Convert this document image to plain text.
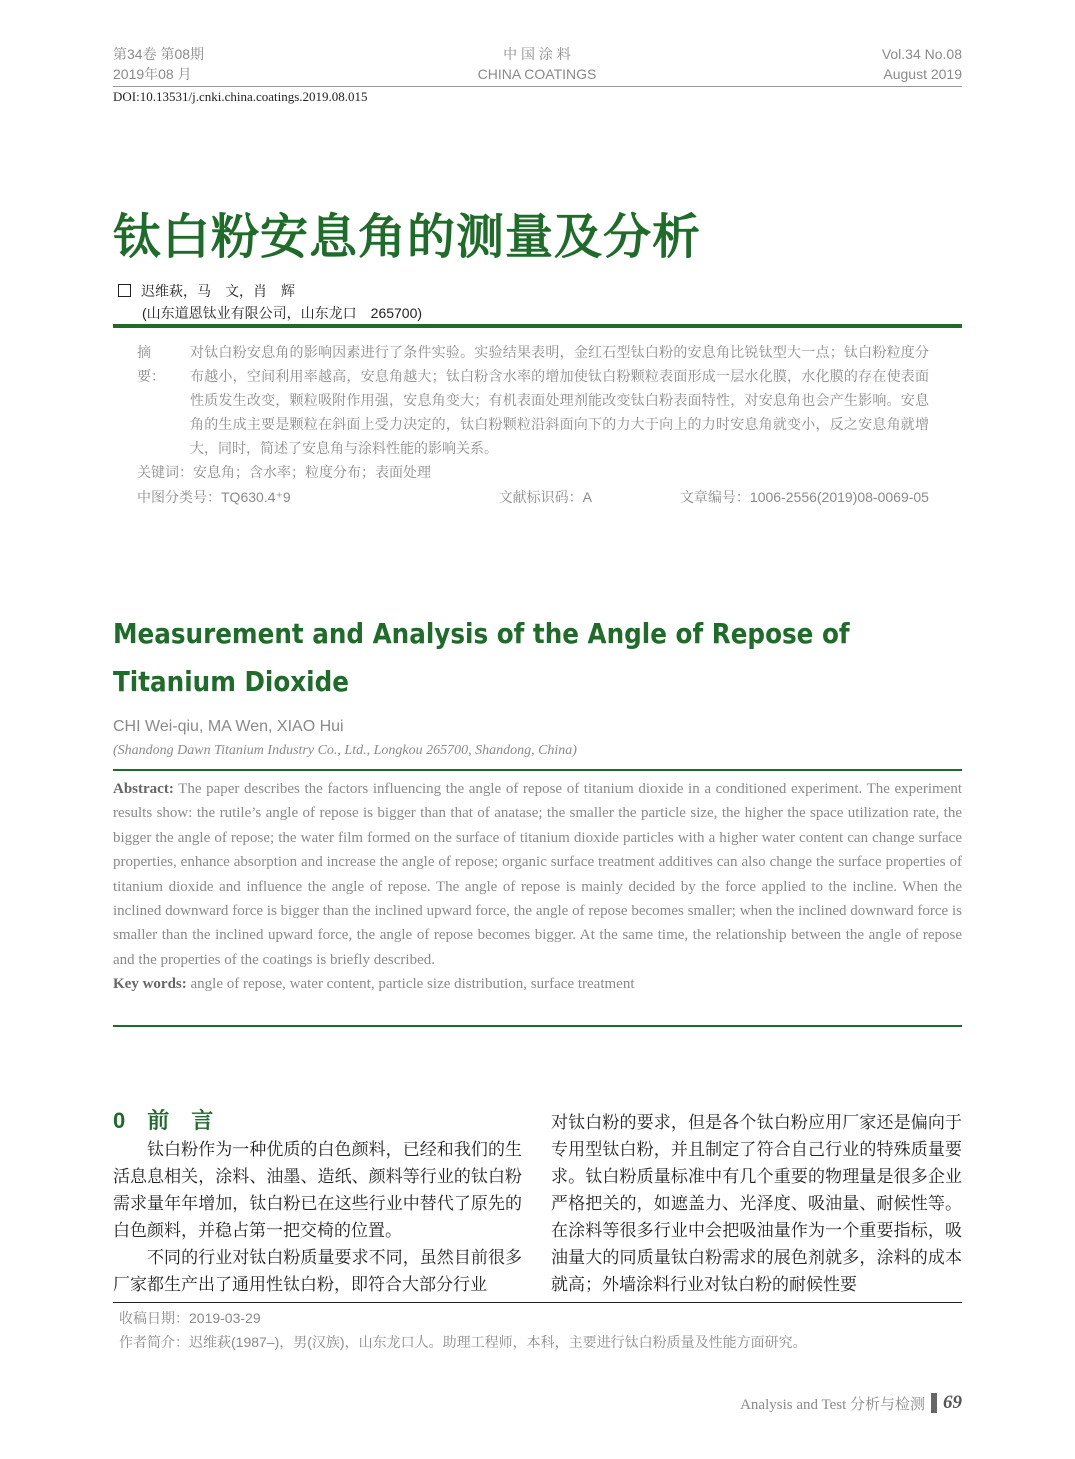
第34卷 第08期
2019年08 月
中 国 涂 料
CHINA COATINGS
Vol.34 No.08
August 2019
DOI:10.13531/j.cnki.china.coatings.2019.08.015
钛白粉安息角的测量及分析
迟维萩，马　文，肖　辉
(山东道恩钛业有限公司，山东龙口　265700)
摘　要：
对钛白粉安息角的影响因素进行了条件实验。实验结果表明，金红石型钛白粉的安息角比锐钛型大一点；钛白粉粒度分布越小，空间利用率越高，安息角越大；钛白粉含水率的增加使钛白粉颗粒表面形成一层水化膜，水化膜的存在使表面性质发生改变，颗粒吸附作用强，安息角变大；有机表面处理剂能改变钛白粉表面特性，对安息角也会产生影响。安息角的生成主要是颗粒在斜面上受力决定的，钛白粉颗粒沿斜面向下的力大于向上的力时安息角就变小，反之安息角就增大，同时，简述了安息角与涂料性能的影响关系。
关键词：安息角；含水率；粒度分布；表面处理
中图分类号：TQ630.4⁺9	文献标识码：A	文章编号：1006-2556(2019)08-0069-05
Measurement and Analysis of the Angle of Repose of
Titanium Dioxide
CHI Wei-qiu, MA Wen, XIAO Hui
(Shandong Dawn Titanium Industry Co., Ltd., Longkou 265700, Shandong, China)
Abstract: The paper describes the factors influencing the angle of repose of titanium dioxide in a conditioned experiment. The experiment results show: the rutile’s angle of repose is bigger than that of anatase; the smaller the particle size, the higher the space utilization rate, the bigger the angle of repose; the water film formed on the surface of titanium dioxide particles with a higher water content can change surface properties, enhance absorption and increase the angle of repose; organic surface treatment additives can also change the surface properties of titanium dioxide and influence the angle of repose. The angle of repose is mainly decided by the force applied to the incline. When the inclined downward force is bigger than the inclined upward force, the angle of repose becomes smaller; when the inclined downward force is smaller than the inclined upward force, the angle of repose becomes bigger. At the same time, the relationship between the angle of repose and the properties of the coatings is briefly described.
Key words: angle of repose, water content, particle size distribution, surface treatment
0　前　言
钛白粉作为一种优质的白色颜料，已经和我们的生活息息相关，涂料、油墨、造纸、颜料等行业的钛白粉需求量年年增加，钛白粉已在这些行业中替代了原先的白色颜料，并稳占第一把交椅的位置。
不同的行业对钛白粉质量要求不同，虽然目前很多厂家都生产出了通用性钛白粉，即符合大部分行业
对钛白粉的要求，但是各个钛白粉应用厂家还是偏向于专用型钛白粉，并且制定了符合自己行业的特殊质量要求。钛白粉质量标准中有几个重要的物理量是很多企业严格把关的，如遮盖力、光泽度、吸油量、耐候性等。在涂料等很多行业中会把吸油量作为一个重要指标，吸油量大的同质量钛白粉需求的展色剂就多，涂料的成本就高；外墙涂料行业对钛白粉的耐候性要
收稿日期：2019-03-29
作者简介：迟维萩(1987–)，男(汉族)，山东龙口人。助理工程师，本科，主要进行钛白粉质量及性能方面研究。
Analysis and Test 分析与检测 69
